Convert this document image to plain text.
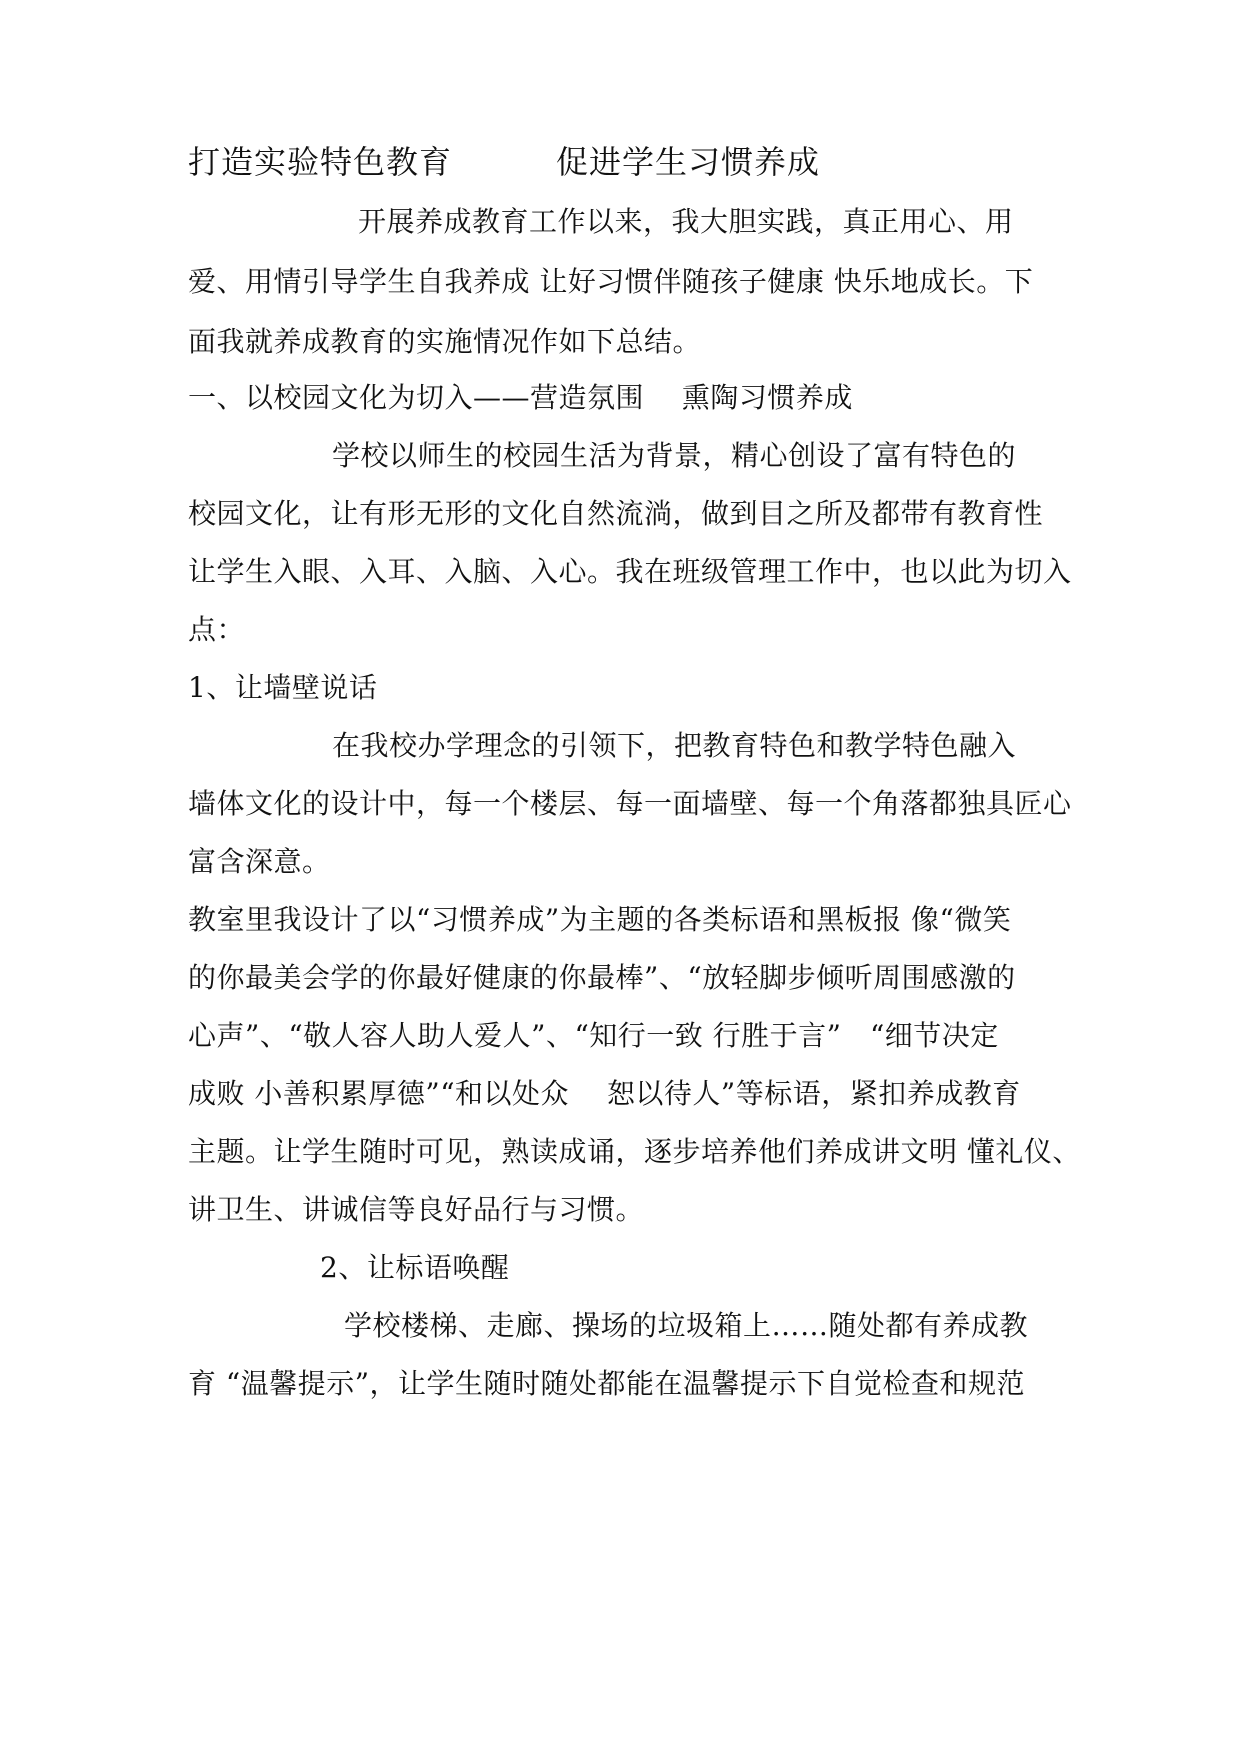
打造实验特色教育	促进学生习惯养成
开展养成教育工作以来，我大胆实践，真正用心、用
爱、用情引导学生自我养成 让好习惯伴随孩子健康 快乐地成长。下
面我就养成教育的实施情况作如下总结。
一、以校园文化为切入——营造氛围　 熏陶习惯养成
学校以师生的校园生活为背景，精心创设了富有特色的
校园文化，让有形无形的文化自然流淌，做到目之所及都带有教育性
让学生入眼、入耳、入脑、入心。我在班级管理工作中，也以此为切入
点：
1、让墙壁说话
在我校办学理念的引领下，把教育特色和教学特色融入
墙体文化的设计中，每一个楼层、每一面墙壁、每一个角落都独具匠心
富含深意。
教室里我设计了以“习惯养成”为主题的各类标语和黑板报 像“微笑
的你最美会学的你最好健康的你最棒”、“放轻脚步倾听周围感激的
心声”、“敬人容人助人爱人”、“知行一致 行胜于言”　“细节决定
成败 小善积累厚德”“和以处众　 恕以待人”等标语，紧扣养成教育
主题。让学生随时可见，熟读成诵，逐步培养他们养成讲文明 懂礼仪、
讲卫生、讲诚信等良好品行与习惯。
2、让标语唤醒
学校楼梯、走廊、操场的垃圾箱上……随处都有养成教
育 “温馨提示”，让学生随时随处都能在温馨提示下自觉检查和规范
